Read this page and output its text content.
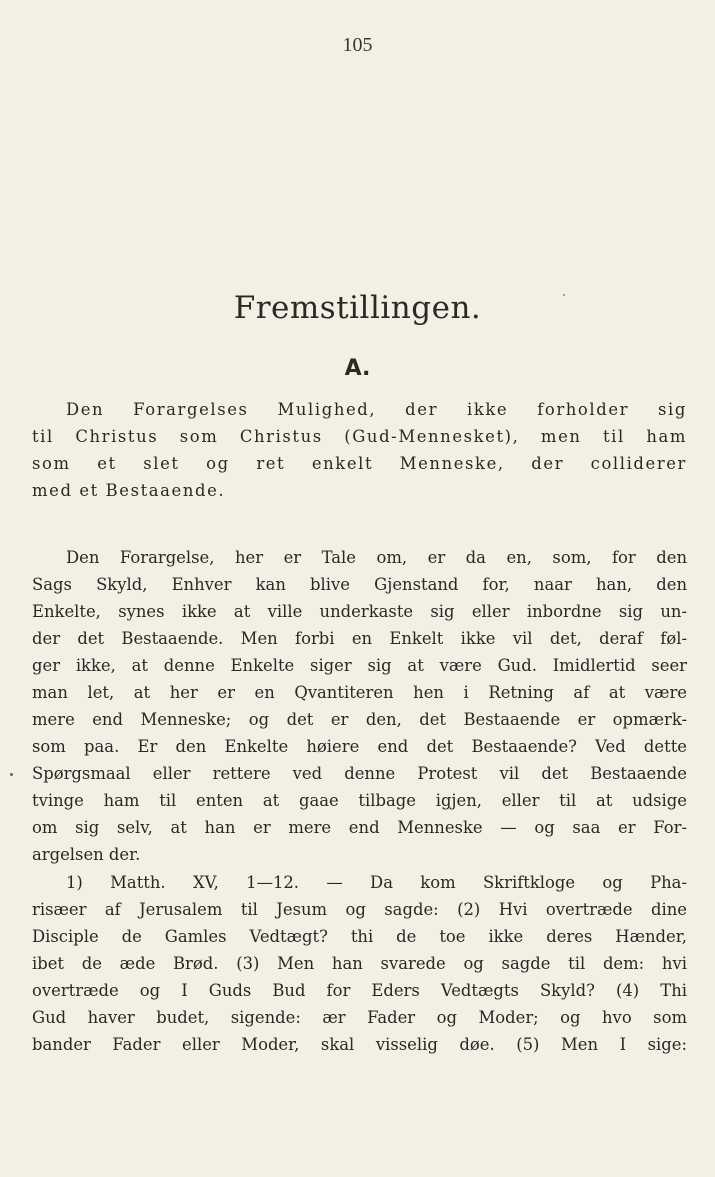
105
Fremstillingen.
A.

Den Forargelses Mulighed, der ikke forholder sig
til Christus som Christus (Gud-Mennesket), men til ham
som et slet og ret enkelt Menneske, der colliderer
med et Bestaaende.

Den Forargelse, her er Tale om, er da en, som, for den
Sags Skyld, Enhver kan blive Gjenstand for, naar han, den
Enkelte, synes ikke at ville underkaste sig eller inbordne sig un-
der det Bestaaende. Men forbi en Enkelt ikke vil det, deraf føl-
ger ikke, at denne Enkelte siger sig at være Gud. Imidlertid seer
man let, at her er en Qvantiteren hen i Retning af at være
mere end Menneske; og det er den, det Bestaaende er opmærk-
som paa. Er den Enkelte høiere end det Bestaaende? Ved dette
Spørgsmaal eller rettere ved denne Protest vil det Bestaaende
tvinge ham til enten at gaae tilbage igjen, eller til at udsige
om sig selv, at han er mere end Menneske — og saa er For-
argelsen der.

1) Matth. XV, 1—12. — Da kom Skriftkloge og Pha-
risæer af Jerusalem til Jesum og sagde: (2) Hvi overtræde dine
Disciple de Gamles Vedtægt? thi de toe ikke deres Hænder,
ibet de æde Brød. (3) Men han svarede og sagde til dem: hvi
overtræde og I Guds Bud for Eders Vedtægts Skyld? (4) Thi
Gud haver budet, sigende: ær Fader og Moder; og hvo som
bander Fader eller Moder, skal visselig døe. (5) Men I sige:
